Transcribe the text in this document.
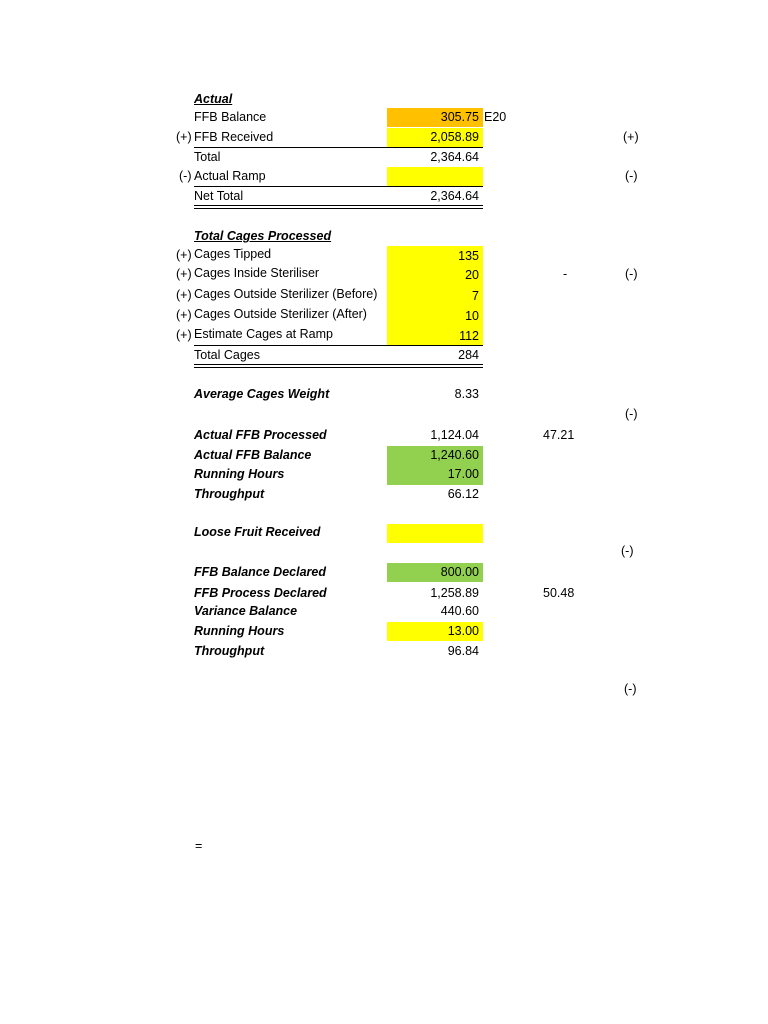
Actual
FFB Balance	305.75 E20
(+) FFB Received	2,058.89	(+)
Total	2,364.64
(-) Actual Ramp	(-)
Net Total	2,364.64
Total Cages Processed
(+) Cages Tipped	135
(+) Cages Inside Steriliser	20	-	(-)
(+) Cages Outside Sterilizer (Before)	7
(+) Cages Outside Sterilizer (After)	10
(+) Estimate Cages at Ramp	112
Total Cages	284
Average Cages Weight	8.33
(-)
Actual FFB Processed	1,124.04	47.21
Actual FFB Balance	1,240.60
Running Hours	17.00
Throughput	66.12
Loose Fruit Received
(-)
FFB Balance Declared	800.00
FFB Process Declared	1,258.89	50.48
Variance Balance	440.60
Running Hours	13.00
Throughput	96.84
(-)
=
